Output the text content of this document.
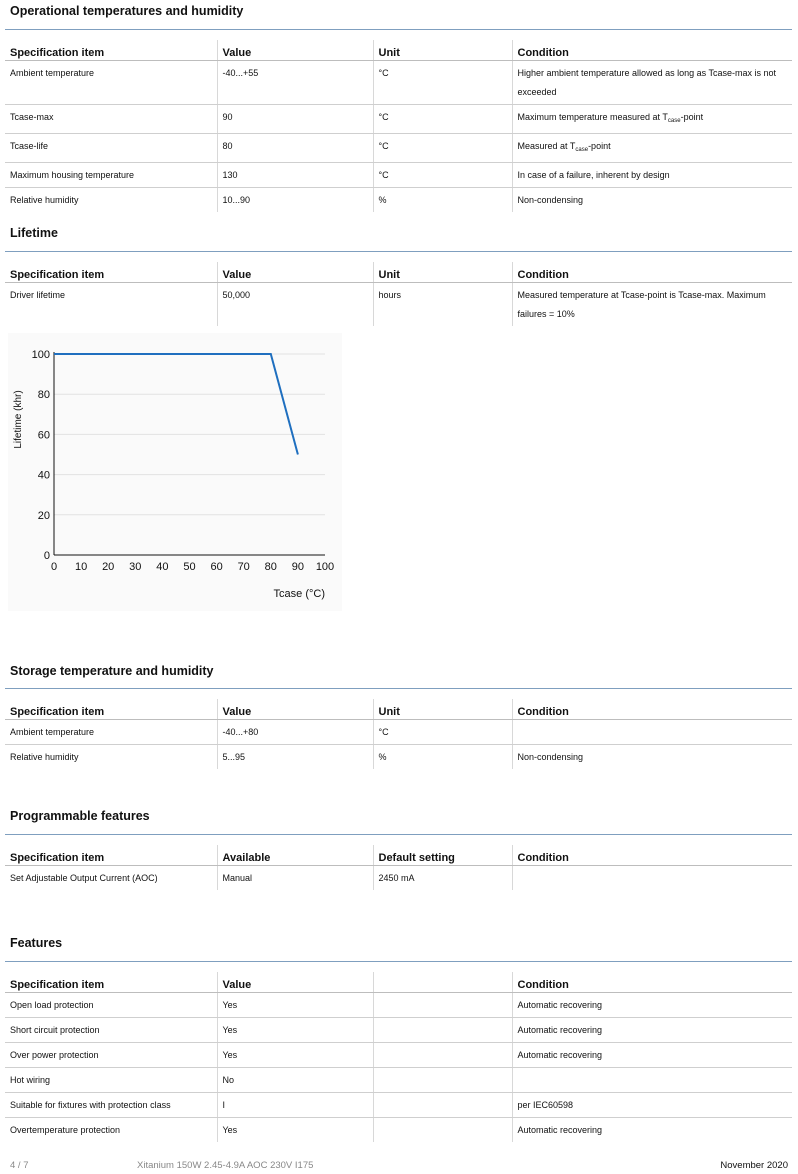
Operational temperatures and humidity
Specification item	Value	Unit	Condition
Ambient temperature	-40...+55	°C	Higher ambient temperature allowed as long as Tcase-max is not exceeded
Tcase-max	90	°C	Maximum temperature measured at $T_{case}$-point
Tcase-life	80	°C	Measured at $T_{case}$-point
Maximum housing temperature	130	°C	In case of a failure, inherent by design
Relative humidity	10...90	%	Non-condensing
Lifetime
Specification item	Value	Unit	Condition
Driver lifetime	50,000	hours	Measured temperature at Tcase-point is Tcase-max. Maximum failures = 10%
0
20
40
60
80
100
0 10 20 30 40 50 60 70 80 90 100
Tcase (°C)
Lifetime (khr)
Storage temperature and humidity
Specification item	Value	Unit	Condition
Ambient temperature	-40...+80	°C	
Relative humidity	5...95	%	Non-condensing
Programmable features
Specification item	Available	Default setting	Condition
Set Adjustable Output Current (AOC)	Manual	2450 mA	
Features
Specification item	Value		Condition
Open load protection	Yes		Automatic recovering
Short circuit protection	Yes		Automatic recovering
Over power protection	Yes		Automatic recovering
Hot wiring	No		
Suitable for fixtures with protection class	I		per IEC60598
Overtemperature protection	Yes		Automatic recovering
4 / 7	Xitanium 150W 2.45-4.9A AOC 230V I175	November 2020
